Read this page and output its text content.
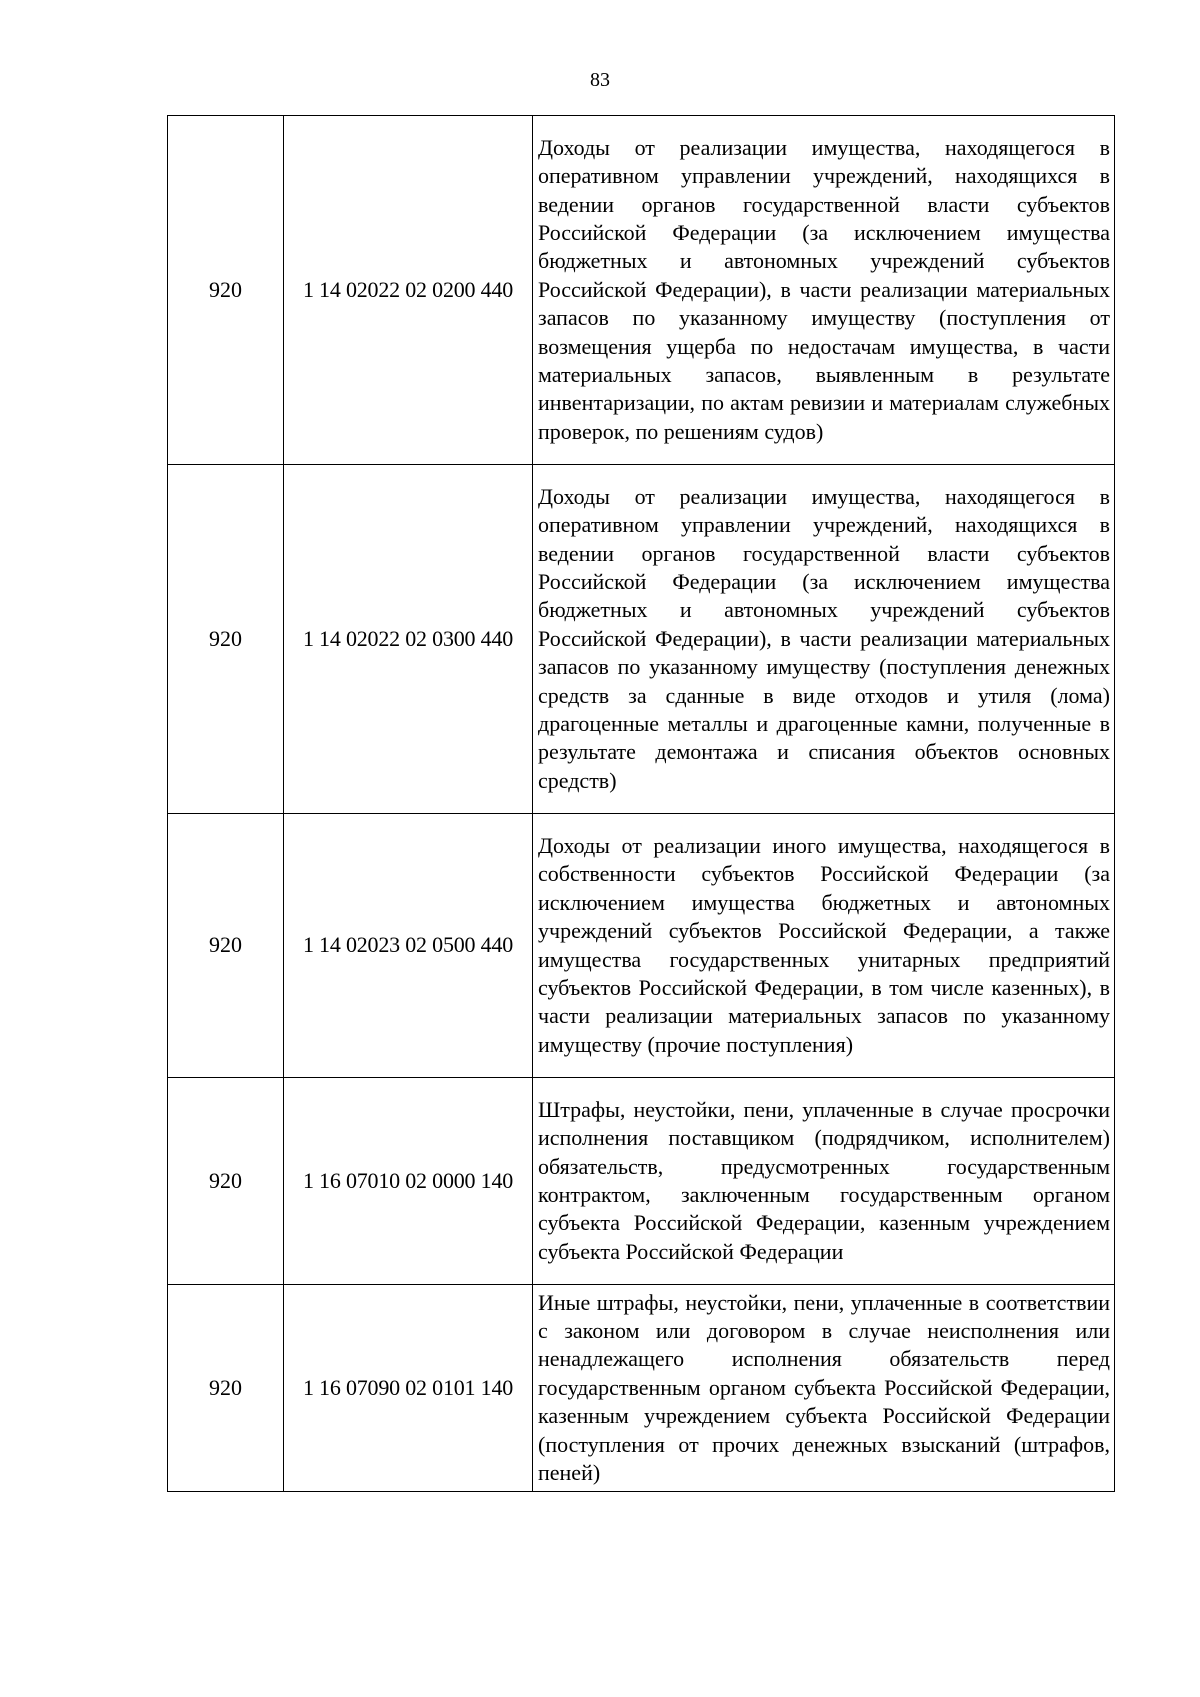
83
920	1 14 02022 02 0200 440	Доходы от реализации имущества, находящегося в оперативном управлении учреждений, находящихся в ведении органов государственной власти субъектов Российской Федерации (за исключением имущества бюджетных и автономных учреждений субъектов Российской Федерации), в части реализации материальных запасов по указанному имуществу (поступления от возмещения ущерба по недостачам имущества, в части материальных запасов, выявленным в результате инвентаризации, по актам ревизии и материалам служебных проверок, по решениям судов)
920	1 14 02022 02 0300 440	Доходы от реализации имущества, находящегося в оперативном управлении учреждений, находящихся в ведении органов государственной власти субъектов Российской Федерации (за исключением имущества бюджетных и автономных учреждений субъектов Российской Федерации), в части реализации материальных запасов по указанному имуществу (поступления денежных средств за сданные в виде отходов и утиля (лома) драгоценные металлы и драгоценные камни, полученные в результате демонтажа и списания объектов основных средств)
920	1 14 02023 02 0500 440	Доходы от реализации иного имущества, находящегося в собственности субъектов Российской Федерации (за исключением имущества бюджетных и автономных учреждений субъектов Российской Федерации, а также имущества государственных унитарных предприятий субъектов Российской Федерации, в том числе казенных), в части реализации материальных запасов по указанному имуществу (прочие поступления)
920	1 16 07010 02 0000 140	Штрафы, неустойки, пени, уплаченные в случае просрочки исполнения поставщиком (подрядчиком, исполнителем) обязательств, предусмотренных государственным контрактом, заключенным государственным органом субъекта Российской Федерации, казенным учреждением субъекта Российской Федерации
920	1 16 07090 02 0101 140	Иные штрафы, неустойки, пени, уплаченные в соответствии с законом или договором в случае неисполнения или ненадлежащего исполнения обязательств перед государственным органом субъекта Российской Федерации, казенным учреждением субъекта Российской Федерации (поступления от прочих денежных взысканий (штрафов, пеней)
